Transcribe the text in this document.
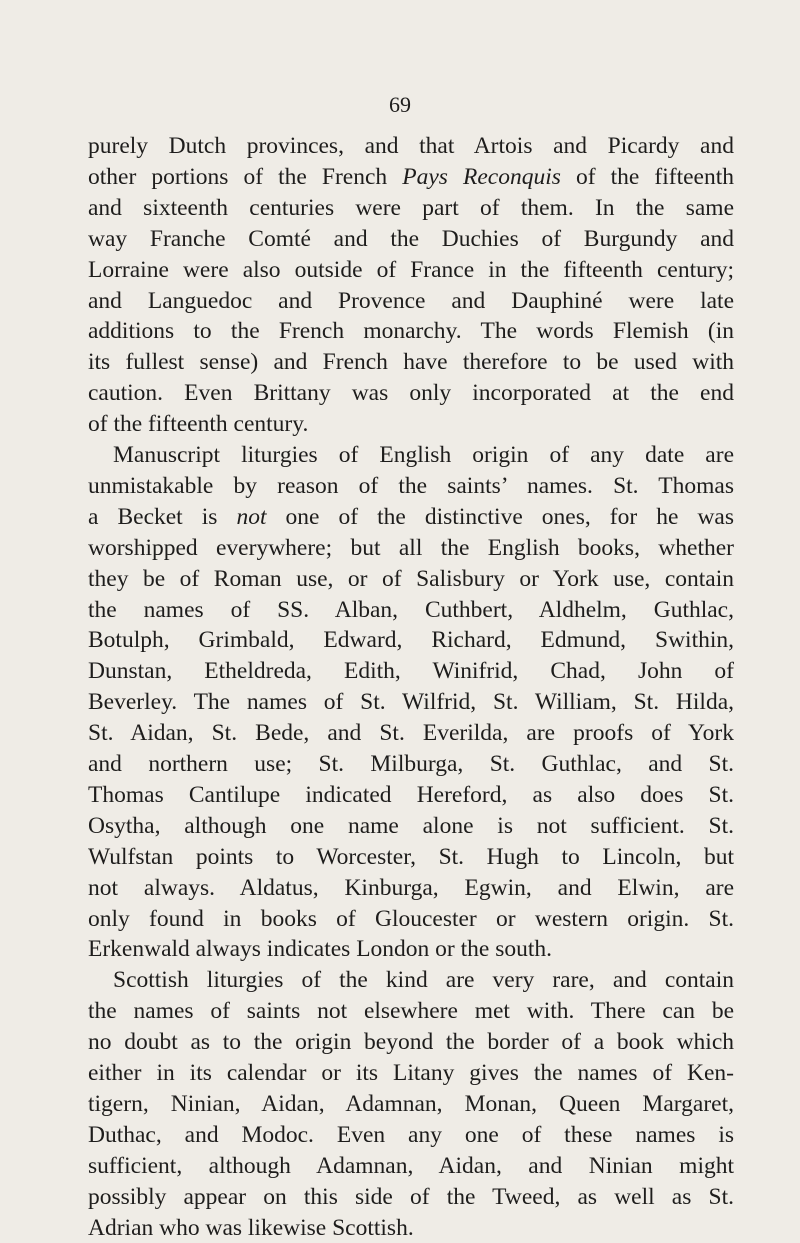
69
purely Dutch provinces, and that Artois and Picardy and
other portions of the French Pays Reconquis of the fifteenth
and sixteenth centuries were part of them. In the same
way Franche Comté and the Duchies of Burgundy and
Lorraine were also outside of France in the fifteenth century;
and Languedoc and Provence and Dauphiné were late
additions to the French monarchy. The words Flemish (in
its fullest sense) and French have therefore to be used with
caution. Even Brittany was only incorporated at the end
of the fifteenth century.
Manuscript liturgies of English origin of any date are
unmistakable by reason of the saints’ names. St. Thomas
a Becket is not one of the distinctive ones, for he was
worshipped everywhere; but all the English books, whether
they be of Roman use, or of Salisbury or York use, contain
the names of SS. Alban, Cuthbert, Aldhelm, Guthlac,
Botulph, Grimbald, Edward, Richard, Edmund, Swithin,
Dunstan, Etheldreda, Edith, Winifrid, Chad, John of
Beverley. The names of St. Wilfrid, St. William, St. Hilda,
St. Aidan, St. Bede, and St. Everilda, are proofs of York
and northern use; St. Milburga, St. Guthlac, and St.
Thomas Cantilupe indicated Hereford, as also does St.
Osytha, although one name alone is not sufficient. St.
Wulfstan points to Worcester, St. Hugh to Lincoln, but
not always. Aldatus, Kinburga, Egwin, and Elwin, are
only found in books of Gloucester or western origin. St.
Erkenwald always indicates London or the south.
Scottish liturgies of the kind are very rare, and contain
the names of saints not elsewhere met with. There can be
no doubt as to the origin beyond the border of a book which
either in its calendar or its Litany gives the names of Ken-
tigern, Ninian, Aidan, Adamnan, Monan, Queen Margaret,
Duthac, and Modoc. Even any one of these names is
sufficient, although Adamnan, Aidan, and Ninian might
possibly appear on this side of the Tweed, as well as St.
Adrian who was likewise Scottish.
